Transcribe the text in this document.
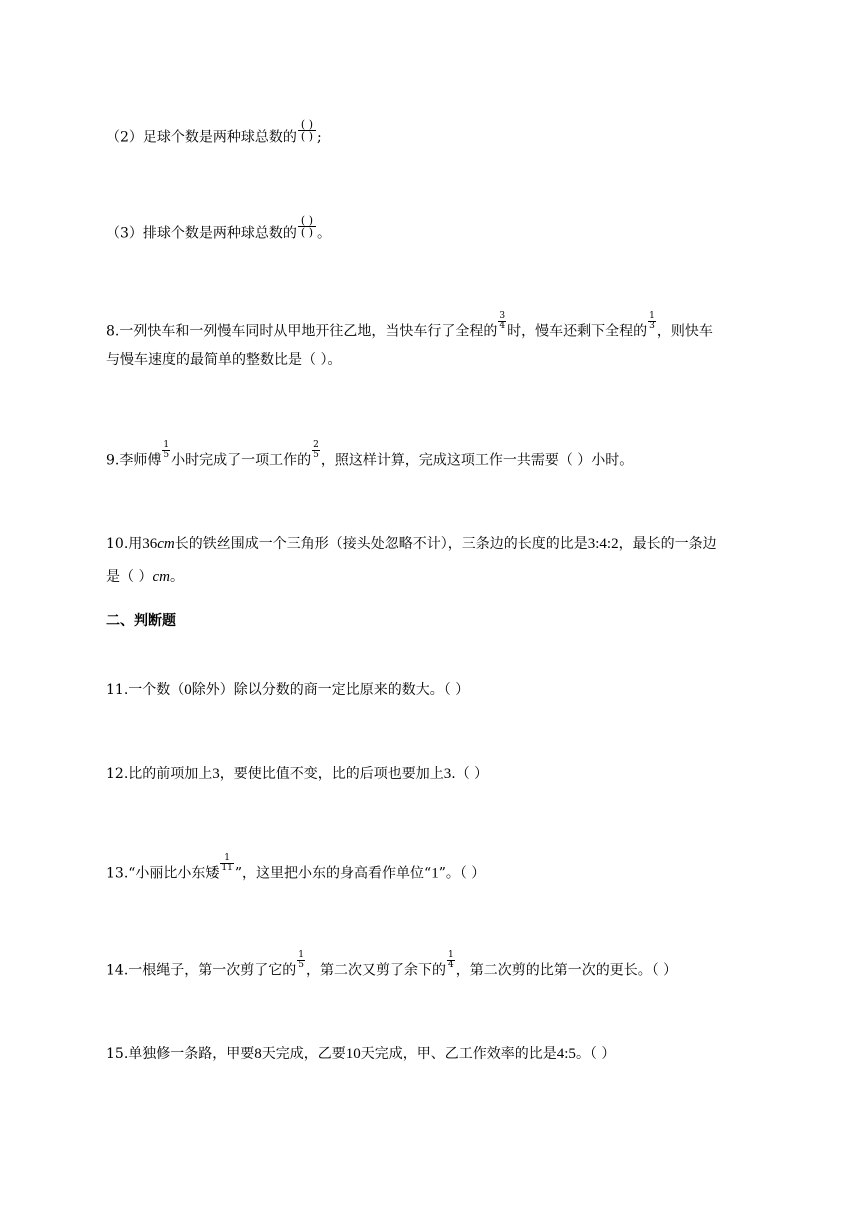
（2）足球个数是两种球总数的 $\frac{( )}{( )}$ ;
（3）排球个数是两种球总数的 $\frac{( )}{( )}$ 。
8.一列快车和一列慢车同时从甲地开往乙地，当快车行了全程的
$\frac{3}{4}$
时，慢车还剩下全程的
$\frac{1}{3}$
，则快车
与慢车速度的最简单的整数比是（ ）。
9.李师傅
$\frac{1}{5}$
小时完成了一项工作的
$\frac{2}{5}$
，照这样计算，完成这项工作一共需要（ ）小时。
10.用36cm长的铁丝围成一个三角形（接头处忽略不计），三条边的长度的比是3:4:2，最长的一条边
是（ ）cm。
二、判断题
11.一个数（0除外）除以分数的商一定比原来的数大。（ ）
12.比的前项加上3，要使比值不变，比的后项也要加上3.（ ）
13.“小丽比小东矮
$\frac{1}{11}$
”，这里把小东的身高看作单位“1”。（ ）
14.一根绳子，第一次剪了它的
$\frac{1}{5}$
，第二次又剪了余下的
$\frac{1}{4}$
，第二次剪的比第一次的更长。（ ）
15.单独修一条路，甲要8天完成，乙要10天完成，甲、乙工作效率的比是4:5。（ ）
